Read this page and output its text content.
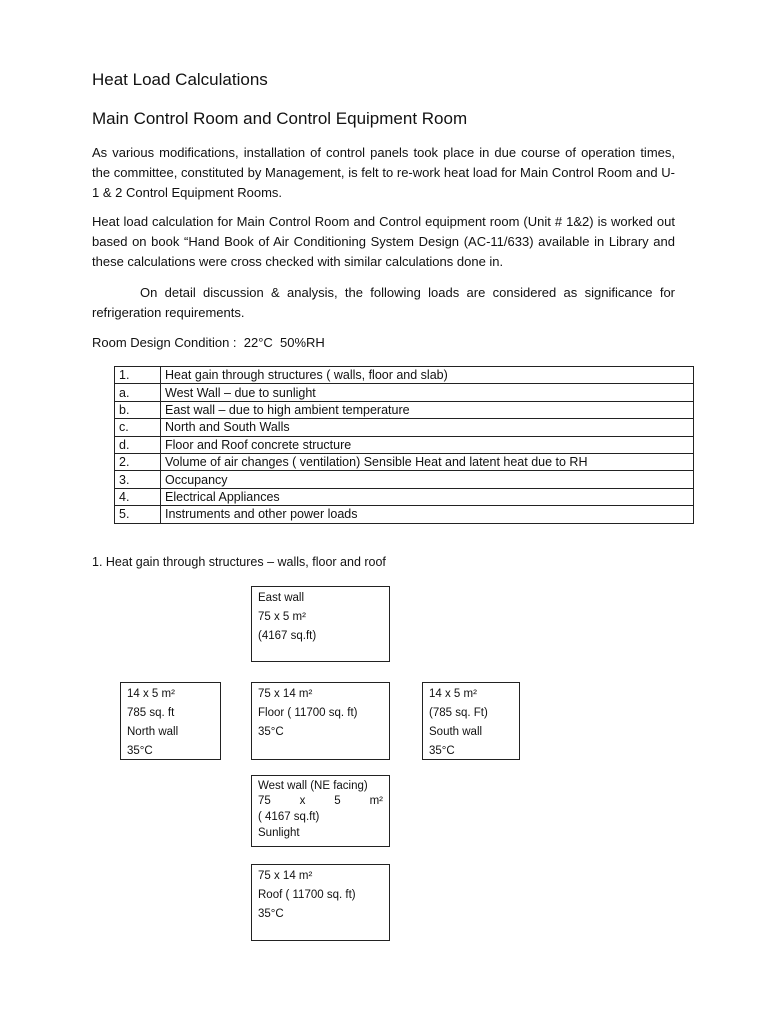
Heat Load Calculations
Main Control Room and Control Equipment Room

As various modifications, installation of control panels took place in due course of operation times, the committee, constituted by Management, is felt to re-work heat load for Main Control Room and U-1 & 2 Control Equipment Rooms.

Heat load calculation for Main Control Room and Control equipment room (Unit # 1&2) is worked out based on book “Hand Book of Air Conditioning System Design (AC-11/633) available in Library and these calculations were cross checked with similar calculations done in.

On detail discussion & analysis, the following loads are considered as significance for refrigeration requirements.

Room Design Condition :  22°C  50%RH
1.	Heat gain through structures ( walls, floor and slab)
a.	West Wall – due to sunlight
b.	East wall – due to high ambient temperature
c.	North and South Walls
d.	Floor and Roof concrete structure
2.	Volume of air changes ( ventilation) Sensible Heat and latent heat due to RH
3.	Occupancy
4.	Electrical Appliances
5.	Instruments and other power loads
1. Heat gain through structures – walls, floor and roof
East wall
75 x 5 m²
(4167 sq.ft)
14 x 5 m²
785 sq. ft
North wall
35°C
75 x 14 m²
Floor ( 11700 sq. ft)
35°C
14 x 5 m²
(785 sq. Ft)
South wall
35°C
West wall (NE facing)
75	x	5	m²
( 4167 sq.ft)
Sunlight
75 x 14 m²
Roof ( 11700 sq. ft)
35°C
